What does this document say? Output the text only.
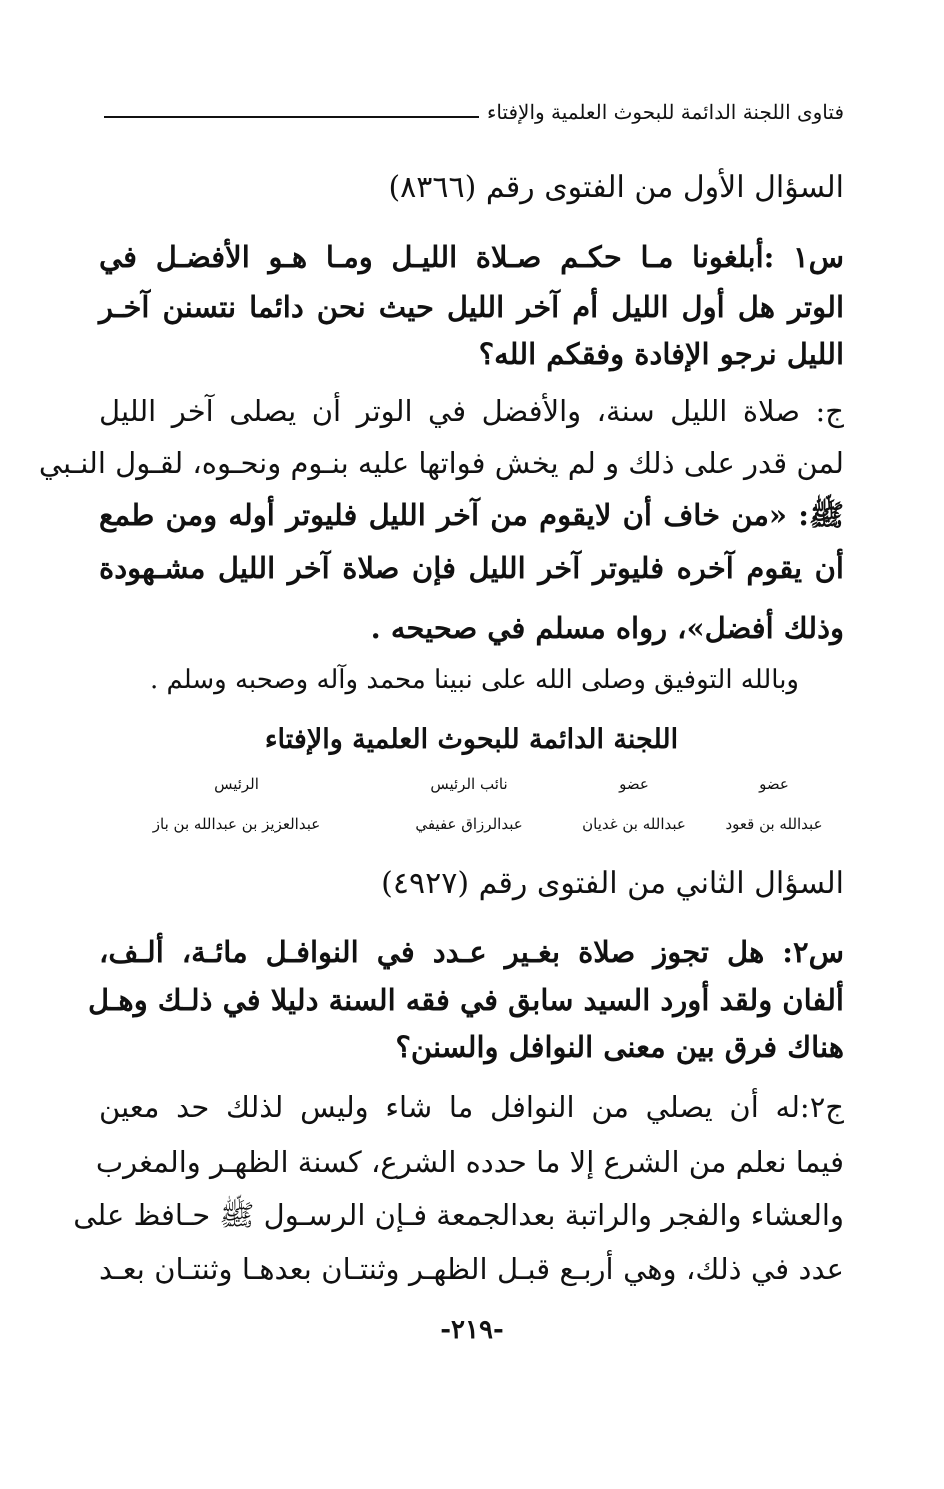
فتاوى اللجنة الدائمة للبحوث العلمية والإفتاء
السؤال الأول من الفتوى رقم (٨٣٦٦)
س١ :أبلغونا مـا حكـم صـلاة الليـل ومـا هـو الأفضـل في
الوتر هل أول الليل أم آخر الليل حيث نحن دائما نتسنن آخـر
الليل نرجو الإفادة وفقكم الله؟
ج: صلاة الليل سنة، والأفضل في الوتر أن يصلى آخر الليل
لمن قدر على ذلك و لم يخش فواتها عليه بنـوم ونحـوه، لقـول النـبي
ﷺ: «من خاف أن لايقوم من آخر الليل فليوتر أوله ومن طمع
أن يقوم آخره فليوتر آخر الليل فإن صلاة آخر الليل مشـهودة
وذلك أفضل»، رواه مسلم في صحيحه .
وبالله التوفيق وصلى الله على نبينا محمد وآله وصحبه وسلم .
اللجنة الدائمة للبحوث العلمية والإفتاء
عضو
عضو
نائب الرئيس
الرئيس
عبدالله بن قعود
عبدالله بن غديان
عبدالرزاق عفيفي
عبدالعزيز بن عبدالله بن باز
السؤال الثاني من الفتوى رقم (٤٩٢٧)
س٢: هل تجوز صلاة بغـير عـدد في النوافـل مائـة، ألـف،
ألفان ولقد أورد السيد سابق في فقه السنة دليلا في ذلـك وهـل
هناك فرق بين معنى النوافل والسنن؟
ج٢:له أن يصلي من النوافل ما شاء وليس لذلك حد معين
فيما نعلم من الشرع إلا ما حدده الشرع، كسنة الظهـر والمغرب
والعشاء والفجر والراتبة بعدالجمعة فـإن الرسـول ﷺ حـافظ على
عدد في ذلك، وهي أربـع قبـل الظهـر وثنتـان بعدهـا وثنتـان بعـد
-٢١٩-
